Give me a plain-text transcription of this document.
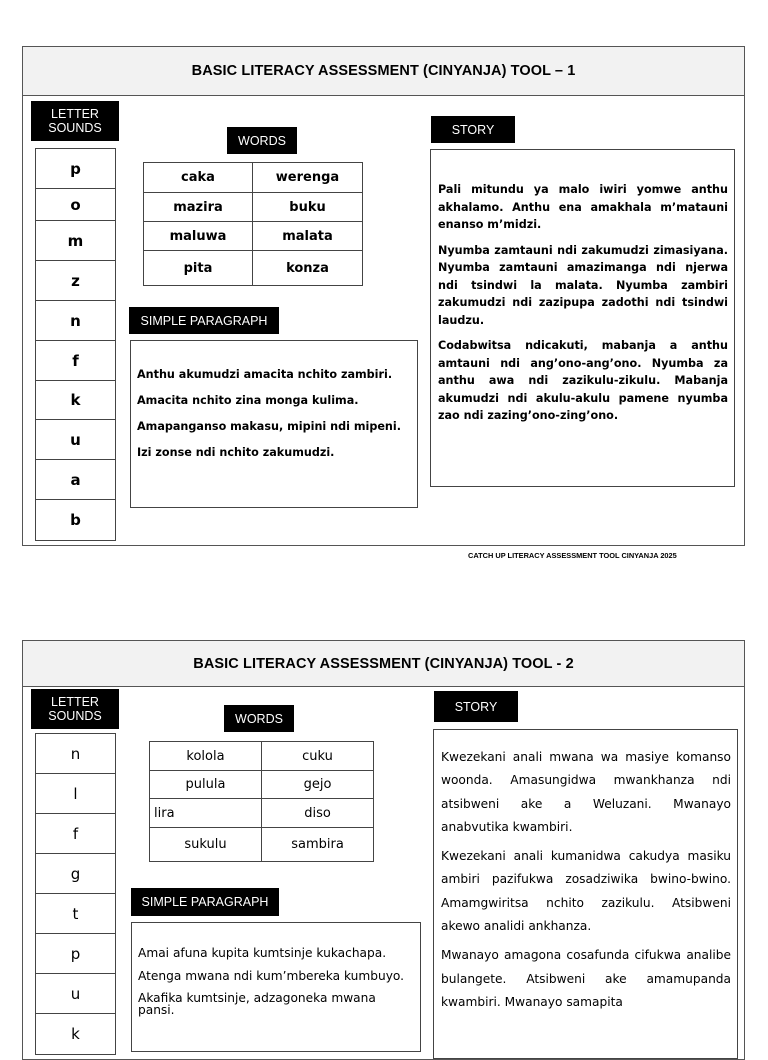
BASIC LITERACY ASSESSMENT (CINYANJA) TOOL – 1
LETTER SOUNDS
p
o
m
z
n
f
k
u
a
b
WORDS
caka	werenga
mazira	buku
maluwa	malata
pita	konza
SIMPLE PARAGRAPH
Anthu akumudzi amacita nchito zambiri.
Amacita nchito zina monga kulima.
Amapanganso makasu, mipini ndi mipeni.
Izi zonse ndi nchito zakumudzi.
STORY

Pali mitundu ya malo iwiri yomwe anthu akhalamo. Anthu ena amakhala m’matauni enanso m’midzi.

Nyumba zamtauni ndi zakumudzi zimasiyana. Nyumba zamtauni amazimanga ndi njerwa ndi tsindwi la malata. Nyumba zambiri zakumudzi ndi zazipupa zadothi ndi tsindwi laudzu.

Codabwitsa ndicakuti, mabanja a anthu amtauni ndi ang’ono-ang’ono. Nyumba za anthu awa ndi zazikulu-zikulu. Mabanja akumudzi ndi akulu-akulu pamene nyumba zao ndi zazing’ono-zing’ono.

CATCH UP LITERACY ASSESSMENT TOOL CINYANJA 2025
BASIC LITERACY ASSESSMENT (CINYANJA) TOOL - 2
LETTER SOUNDS
n
l
f
g
t
p
u
k
WORDS
kolola	cuku
pulula	gejo
lira	diso
sukulu	sambira
SIMPLE PARAGRAPH
Amai afuna kupita kumtsinje kukachapa.
Atenga mwana ndi kum’mbereka kumbuyo.
Akafika kumtsinje, adzagoneka mwana pansi.
STORY

Kwezekani anali mwana wa masiye komanso woonda. Amasungidwa mwankhanza ndi atsibweni ake a Weluzani. Mwanayo anabvutika kwambiri.

Kwezekani anali kumanidwa cakudya masiku ambiri pazifukwa zosadziwika bwino-bwino. Amamgwiritsa nchito zazikulu. Atsibweni akewo analidi ankhanza.

Mwanayo amagona cosafunda cifukwa analibe bulangete. Atsibweni ake amamupanda kwambiri. Mwanayo samapita
